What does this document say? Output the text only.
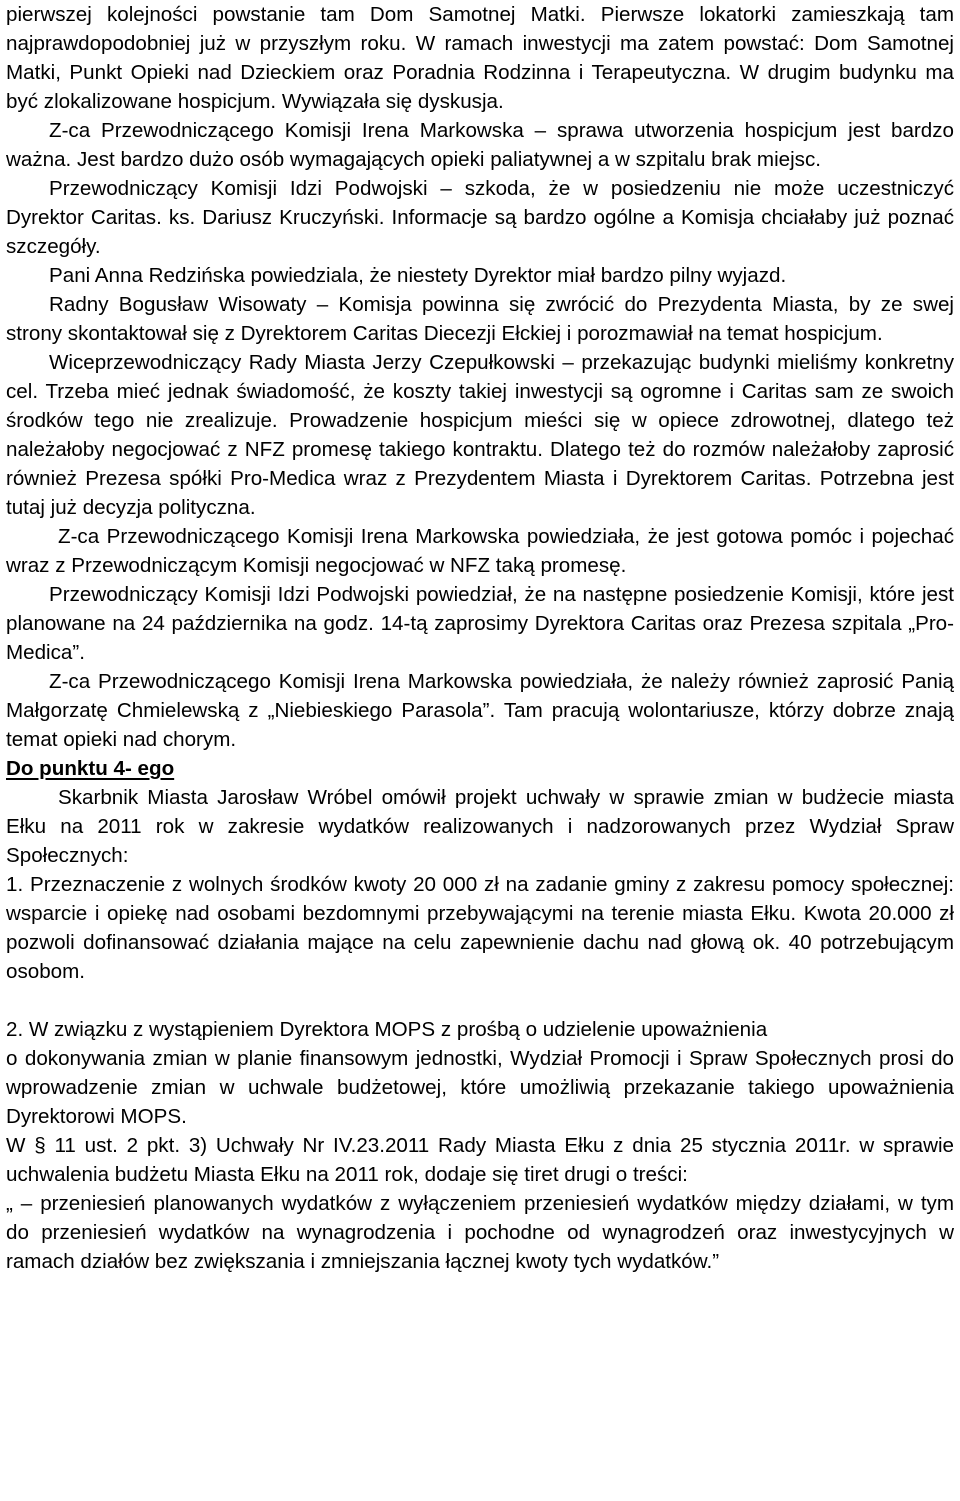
pierwszej kolejności powstanie tam Dom Samotnej Matki. Pierwsze lokatorki zamieszkają tam najprawdopodobniej już w przyszłym roku. W ramach inwestycji ma zatem powstać: Dom Samotnej Matki, Punkt Opieki nad Dzieckiem oraz Poradnia Rodzinna i Terapeutyczna. W drugim budynku ma być zlokalizowane hospicjum. Wywiązała się dyskusja.

Z-ca Przewodniczącego Komisji Irena Markowska – sprawa utworzenia hospicjum jest bardzo ważna. Jest bardzo dużo osób wymagających opieki paliatywnej a w szpitalu brak miejsc.

Przewodniczący Komisji Idzi Podwojski – szkoda, że w posiedzeniu nie może uczestniczyć Dyrektor Caritas. ks. Dariusz Kruczyński. Informacje są bardzo ogólne a Komisja chciałaby już poznać szczegóły.

Pani Anna Redzińska powiedziala, że niestety Dyrektor miał bardzo pilny wyjazd.

Radny Bogusław Wisowaty – Komisja powinna się zwrócić do Prezydenta Miasta, by ze swej strony skontaktował się z Dyrektorem Caritas Diecezji Ełckiej i porozmawiał na temat hospicjum.

Wiceprzewodniczący Rady Miasta Jerzy Czepułkowski – przekazując budynki mieliśmy konkretny cel. Trzeba mieć jednak świadomość, że koszty takiej inwestycji są ogromne i Caritas sam ze swoich środków tego nie zrealizuje. Prowadzenie hospicjum mieści się w opiece zdrowotnej, dlatego też należałoby negocjować z NFZ promesę takiego kontraktu. Dlatego też do rozmów należałoby zaprosić również Prezesa spółki Pro-Medica wraz z Prezydentem Miasta i Dyrektorem Caritas. Potrzebna jest tutaj już decyzja polityczna.

Z-ca Przewodniczącego Komisji Irena Markowska powiedziała, że jest gotowa pomóc i pojechać wraz z Przewodniczącym Komisji negocjować w NFZ taką promesę.

Przewodniczący Komisji Idzi Podwojski powiedział, że na następne posiedzenie Komisji, które jest planowane na 24 października na godz. 14-tą zaprosimy Dyrektora Caritas oraz Prezesa szpitala „Pro-Medica”.

Z-ca Przewodniczącego Komisji Irena Markowska powiedziała, że należy również zaprosić Panią Małgorzatę Chmielewską z „Niebieskiego Parasola”. Tam pracują wolontariusze, którzy dobrze znają temat opieki nad chorym.

Do punktu 4- ego

Skarbnik Miasta Jarosław Wróbel omówił projekt uchwały w sprawie zmian w budżecie miasta Ełku na 2011 rok w zakresie wydatków realizowanych i nadzorowanych przez Wydział Spraw Społecznych:

1. Przeznaczenie z wolnych środków kwoty 20 000 zł na zadanie gminy z zakresu pomocy społecznej: wsparcie i opiekę nad osobami bezdomnymi przebywającymi na terenie miasta Ełku. Kwota 20.000 zł pozwoli dofinansować działania mające na celu zapewnienie dachu nad głową ok. 40 potrzebującym osobom.

2. W związku z wystąpieniem Dyrektora MOPS z prośbą o udzielenie upoważnienia

o dokonywania zmian w planie finansowym jednostki, Wydział Promocji i Spraw Społecznych prosi do wprowadzenie zmian w uchwale budżetowej, które umożliwią przekazanie takiego upoważnienia Dyrektorowi MOPS.

W § 11 ust. 2 pkt. 3) Uchwały Nr IV.23.2011 Rady Miasta Ełku z dnia 25 stycznia 2011r. w sprawie uchwalenia budżetu Miasta Ełku na 2011 rok, dodaje się tiret drugi o treści:

„ – przeniesień planowanych wydatków z wyłączeniem przeniesień wydatków między działami, w tym do przeniesień wydatków na wynagrodzenia i pochodne od wynagrodzeń oraz inwestycyjnych w ramach działów bez zwiększania i zmniejszania łącznej kwoty tych wydatków.”
